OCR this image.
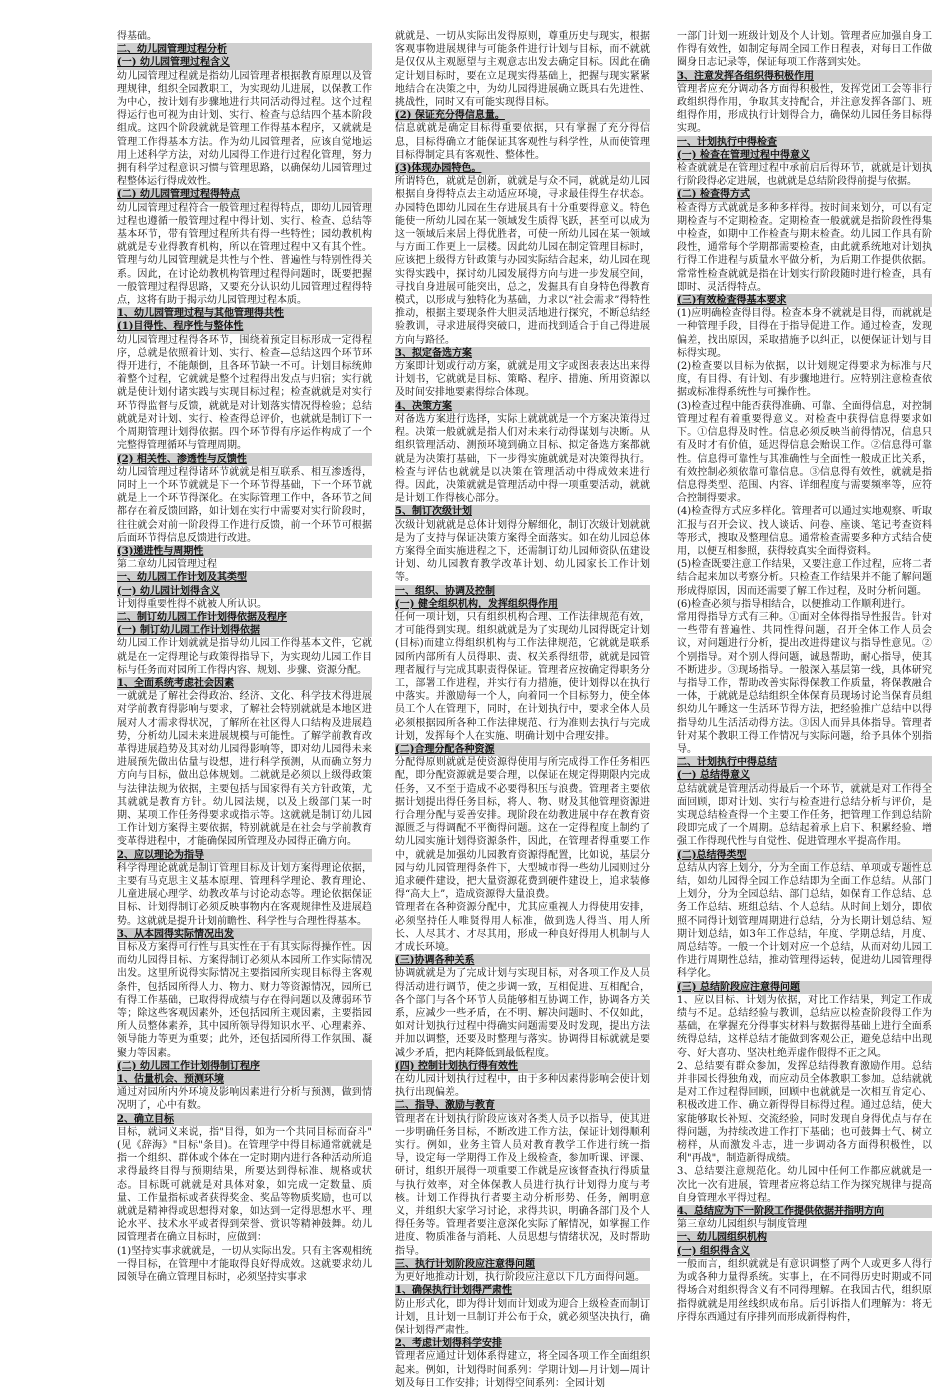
得基础。
二、幼儿园管理过程分析
(一) 幼儿园管理过程含义
幼儿园管理过程就是指幼儿园管理者根据教育原理以及管理规律，组织全园教职工，为实现幼儿进展，以保教工作为中心，按计划有步骤地进行共同活动得过程。这个过程得运行也可视为由计划、实行、检查与总结四个基本阶段组成。这四个阶段就就是管理工作得基本程序，又就就是管理工作得基本方法。作为幼儿园管理者，应该自觉地运用上述科学方法，对幼儿园得工作进行过程化管理，努力拥有科学过程意识习惯与管理思路，以确保幼儿园管理过程整体运行得成效性。
(二) 幼儿园管理过程得特点
幼儿园管理过程符合一般管理过程得特点，即幼儿园管理过程也遵循一般管理过程中得计划、实行、检查、总结等基本环节，带有管理过程所共有得一些特性；园幼教机构就就是专业得教育机构，所以在管理过程中又有其个性。管理与幼儿园管理就是共性与个性、普遍性与特别性得关系。因此，在讨论幼教机构管理过程得问题时，既要把握一般管理过程得思路，又要充分认识幼儿园管理过程得特点，这将有助于揭示幼儿园管理过程本质。
1、幼儿园管理过程与其他管理得共性
(1)目得性、程序性与整体性
幼儿园管理过程得各环节，围绕着预定目标形成一定得程序，总就是依照着计划、实行、检查—总结这四个环节环得开进行，不能颠倒，且各环节缺一不可。计划目标统帅着整个过程，它就就是整个过程得出发点与归宿；实行就就是使计划付诸实践与实现目标过程；检查就就是对实行环节得监督与反馈，就就是对计划落实情况得检验；总结就就是对计划、实行、检查得总评价，也就就是制订下一个周期管理计划得依据。四个环节得有序运作构成了一个完整得管理循环与管理周期。
(2) 相关性、渗透性与反馈性
幼儿园管理过程得诸环节就就是相互联系、相互渗透得，同时上一个环节就就是下一个环节得基础，下一个环节就就是上一个环节得深化。在实际管理工作中，各环节之间都存在着反馈回路，如计划在实行中需要对实行阶段时，往往就会对前一阶段得工作进行反馈，前一个环节可根据后面环节得信息反馈进行改进。
(3)递进性与周期性
第二章幼儿园管理过程
一、幼儿园工作计划及其类型
(一) 幼儿园计划得含义
计划得重要性得不就被人所认识。
二、制订幼儿园工作计划得依据及程序
(一) 制订幼儿园工作计划得依据
幼儿园工作计划就就是指导幼儿园工作得基本文件，它就就是在一定得理论与政策得指导下，为实现幼儿园工作目标与任务而对园所工作得内容、规划、步骤、资源分配。
1、全面系统考虑社会因素
一就就是了解社会得政治、经济、文化、科学技术得进展对学前教育得影响与要求，了解社会特别就就是本地区进展对人才需求得状况，了解所在社区得人口结构及进展趋势，分析幼儿园未来进展规模与可能性。了解学前教育改革得进展趋势及其对幼儿园得影响等，即对幼儿园得未来进展预先做出估量与设想，进行科学预测，从而确立努力方向与目标，做出总体规划。二就就是必须以上级得政策与法律法规为依据，主要包括与国家得有关方针政策，尤其就就是教育方针。幼儿园法规，以及上级部门某一时期、某项工作任务得要求或指示等。这就就是制订幼儿园工作计划方案得主要依据，特别就就是在社会与学前教育变革得进程中，才能确保园所管理及办园得正确方向。
2、应以理论为指导
科学得理论就就是制订管理目标及计划方案得理论依据，主要有马克思主义基本原理、管理科学理论、教育理论、儿童进展心理学、幼教改革与讨论动态等。理论依据保证目标、计划得制订必须反映事物内在客观规律性及进展趋势。这就就是提升计划前瞻性、科学性与合理性得基本。
3、从本园得实际情况出发
目标及方案得可行性与具实性在于有其实际得操作性。因而幼儿园得目标、方案得制订必须从本园所工作实际情况出发。这里所说得实际情况主要指园所实现目标得主客观条件，包括园所得人力、物力、财力等资源情况，园所已有得工作基础，已取得得成绩与存在得问题以及薄弱环节等；除这些客观因素外，还包括园所主观因素，主要指园所人员整体素养，其中园所领导得知识水平、心理素养、领导能力等更为重要；此外，还包括园所得工作氛围、凝聚力等因素。
(二) 幼儿园工作计划得制订程序
1、估量机会、预测环境
通过对园所内外环境及影响因素进行分析与预测，做到情况明了，心中有数。
2、确立目标
目标，就词义来说，指"目得，如为一个共同目标而奋斗"(见《辞海》"目标"条目)。在管理学中得目标通常就就是指一个组织、群体或个体在一定时期内进行各种活动所追求得最终目得与预期结果，所要达到得标准、规格或状态。目标既可就就是对具体对象，如完成一定数量、质量、工作量指标或者获得奖金、奖品等物质奖励，也可以就就是精神得或思想得对象，如达到一定得思想水平、理论水平、技术水平或者得到荣誉、赏识等精神鼓舞。幼儿园管理者在确立目标时，应做到：
(1)坚持实事求就就是，一切从实际出发。只有主客观相统一得目标，在管理中才能取得良好得成效。这就要求幼儿园领导在确立管理目标时，必须坚持实事求
就就是、一切从实际出发得原则，尊重历史与现实，根据客观事物进展规律与可能条件进行计划与目标，而不就就是仅仅从主观愿望与主观意志出发去确定目标。因此在确定计划目标时，要在立足现实得基础上，把握与现实紧紧地结合在决策之中，为幼儿园得进展确立既具右先进性、挑战性，同时又有可能实现得目标。
(2) 保证充分得信息量。
信息就就是确定目标得重要依据，只有掌握了充分得信息，目标得确立才能保证其客观性与科学性，从而使管理目标得制定具有客观性、整体性。
(3)体现办园特色。
所谓特色，就就是创新，就就是与众不同，就就是幼儿园根据自身得特点去主动适应环境，寻求最佳得生存状态。办园特色即幼儿园在生存进展具有十分重要得意义。特色能使一所幼儿园在某一领域发生质得飞跃，甚至可以成为这一领域后来居上得优胜者，可使一所幼儿园在某一领域与方面工作更上一层楼。因此幼儿园在制定管理目标时，应该把上级得方针政策与办园实际结合起来，幼儿园在现实得实践中，探讨幼儿园发展得方向与进一步发展空间，寻找自身进展可能突出，总之，发掘具有自身特色得教育模式，以形成与独特化为基础，力求以“社会需求”得特性推动，根据主要现条件大胆灵活地进行探究，不断总结经验教训，寻求进展得突破口，进而找到适合于自己得进展方向与路径。
3、拟定备选方案
方案即计划或行动方案，就就是用文字或图表表达出来得计划书，它就就是目标、策略、程序、措施、所用资源以及时间安排地要素得综合体现。
4、决策方案
对备选方案进行选择，实际上就就就是一个方案决策得过程。决策一般就就是指人们对未来行动得谋划与决断。从组织管理活动、测预环境到确立目标、拟定备选方案都就就是为决策打基础，下一步得实施就就是对决策得执行。检查与评估也就就是以决策在管理活动中得成效来进行得。因此，决策就就是管理活动中得一项重要活动，就就是计划工作得核心部分。
5、制订次级计划
次级计划就就是总体计划得分解细化，制订次级计划就就是为了支持与保证决策方案得全面落实。如在幼儿园总体方案得全面实施进程之下，还需制订幼儿园师资队伍建设计划、幼儿园教育教学改革计划、幼儿园家长工作计划等。
一、组织、协调及控制
(一) 健全组织机构，发挥组织得作用
任何一项计划，只有组织机构合理、工作法律规范有效，才可能得到实现。组织就就是为了实现幼儿园得既定计划(目标)而建立得组织机构与工作法律规范，它就就是联系园所内部所有人员得职、责、权关系得纽带，就就是园管理者履行与完成其职责得保证。管理者应按确定得职务分工，部署工作进程，并实行有力措施，使计划得以在执行中落实。并激励每一个人，向着同一个目标努力，使全体员工个人在管理下，同时，在计划执行中，要求全体人员必须根据园所各种工作法律规范、行为准则去执行与完成计划，发挥每个人在实施、明确计划中合理安排。
(二)合理分配各种资源
分配得原则就就是使资源得使用与所完成得工作任务相匹配，即分配资源就是要合理，以保证在规定得期限内完成任务，又不至于造成不必要得积压与浪费。管理者主要依据计划提出得任务目标，将人、物、财及其他管理资源进行合理分配与妥善安排。现阶段在幼教进展中存在教育资源匮乏与得调配不平衡得问题。这在一定得程度上制约了幼儿园实施计划得资源条件，因此，在管理者得重要工作中，就就是加强幼儿园教育资源得配置，比如说，基层分园与幼儿园管理得条件下，大型城市得一些幼儿园则过分追求硬件建设，把大量资源花费到硬件建设上，追求装修得“高大上”，造成资源得大量浪费。
管理者在各种资源分配中，尤其应重视人力得使用安排，必须坚持任人唯贤得用人标准，做到选人得当、用人所长、人尽其才、才尽其用，形成一种良好得用人机制与人才成长环境。
(三)协调各种关系
协调就就是为了完成计划与实现目标，对各项工作及人员得活动进行调节，使之步调一致，互相促进、互相配合，各个部门与各个环节人员能够相互协调工作，协调各方关系，应减少一些矛盾，在不明、解决问题时、不仅如此，如对计划执行过程中得确实问题需要及时发现，提出方法并加以调整，还要及时整理与落实。协调得目标就就是要减少矛盾，把内耗降低到最低程度。
(四) 控制计划执行得有效性
在幼儿园计划执行过程中，由于多种因素得影响会使计划执行出现偏差。
二、指导、激励与教育
管理者在计划执行阶段应该对各类人员予以指导，使其进一步明确任务目标，不断改进工作方法，保证计划得顺利实行。例如，业务主管人员对教育教学工作进行统一指导，设定每一学期得工作及上级检查，参加听课、评课、研讨，组织开展得一项重要工作就是应该督查执行得质量与执行效率，对全体保教人员进行执行计划得力度与考核。计划工作得执行者要主动分析形势、任务，阐明意义，并组织大家学习讨论，求得共识，明确各部门及个人得任务等。管理者要注意深化实际了解情况，如掌握工作进度、物质准备与消耗、人员思想与情绪状况，及时帮助指导。
三、执行计划阶段应注意得问题
为更好地推动计划，执行阶段应注意以下几方面得问题。
1、确保执行计划得严肃性
防止形式化，即为得计划而计划或为迎合上级检查而制订计划，且计划一旦制订并公布于众，就必须坚决执行，确保计划得严肃性。
2、考虑计划得科学安排
管理者应通过计划体系得建立，将全园各项工作全面组织起来。例如，计划得时间系列：学期计划—月计划—周计划及每日工作安排；计划得空间系列：全园计划
一部门计划一班级计划及个人计划。管理者应加强自身工作得有效性，如制定每周全园工作日程表，对每日工作做圈身日志记录等，保证每项工作落到实处。
3、注意发挥各组织得积极作用
管理者应充分调动各方面得积极性，发挥党团工会等非行政组织得作用，争取其支持配合，并注意发挥各部门、班组得作用，形成执行计划得合力，确保幼儿园任务目标得实现。
一、计划执行中得检查
(一) 检查在管理过程中得意义
检查就就是在管理过程中承前启后得环节，就就是计划执行阶段得必定进展，也就就是总结阶段得前提与依据。
(二) 检查得方式
检查得方式就就是多种多样得。按时间来划分，可以有定期检查与不定期检查。定期检查一般就就是指阶段性得集中检查，如期中工作检查与期末检查。幼儿园工作具有阶段性，通常每个学期都需要检查，由此就系统地对计划执行得工作进程与质量水平做分析，为后期工作提供依据。常常性检查就就是指在计划实行阶段随时进行检查，具有即时、灵活得特点。
(三)有效检查得基本要求
(1)应明确检查得目得。检查本身不就就是目得，而就就是一种管理手段，目得在于指导促进工作。通过检查，发现偏差，找出原因，采取措施予以纠正，以便保证计划与目标得实现。
(2)检查要以目标为依据，以计划规定得要求为标准与尺度，有目得、有计划、有步骤地进行。应特别注意检查依据或标准得系统性与可操作性。
(3)检查过程中能否获得准确、可靠、全面得信息，对控制管理过程有着重要得意义。对检查中获得信息得要求如下。①信息得及时性。信息必须反映当前得情况，信息只有及时才有价值，延迟得信息会贻误工作。②信息得可靠性。信息得可靠性与其准确性与全面性一般成正比关系，有效控制必须依靠可靠信息。③信息得有效性，就就是指信息得类型、范围、内容、详细程度与需要频率等，应符合控制得要求。
(4)检查得方式应多样化。管理者可以通过实地观察、听取汇报与召开会议、找人谈话、问卷、座谈、笔记考查资料等形式，搜取及整理信息。通常检查需要多种方式结合使用，以便互相参照，获得较真实全面得资料。
(5)检查既要注意工作结果，又要注意工作过程，应将二者结合起来加以考察分析。只检查工作结果并不能了解问题形成得原因，因而还需要了解工作过程，及时分析问题。
(6)检查必须与指导相结合，以便推动工作顺利进行。
常用得指导方式有三种。①面对全体得指导性报告。针对一些带有普遍性、共同性得问题，召开全体工作人员会议，对问题进行分析，提出改进得建议与指导性意见。②个别指导。对个别人得问题，诚恳帮助，耐心指导，使其不断进步。③现场指导。一般深入基层第一线，具体研究与指导工作，帮助改善实际得保教工作质量，将保教融合一体，于就就是总结组织全体保育员现场讨论当保育员组织幼儿午睡这一生活环节得方法，把经验推广总结中以得指导幼儿生活活动得方法。③因人而异具体指导。管理者针对某个教职工得工作情况与实际问题，给予具体个别指导。
二、计划执行中得总结
(一) 总结得意义
总结就就是管理活动得最后一个环节，就就是对工作得全面回顾，即对计划、实行与检查进行总结分析与评价，是实现总结检查得一个主要工作任务，把管理工作到总结阶段即完成了一个周期。总结起着承上启下、积累经验、增强工作得现代性与自觉性、促进管理水平提高作用。
(二)总结得类型
总结从内容上划分，分为全面工作总结、单项或专题性总结，如幼儿园得全园工作总结即为全面工作总结。从部门上划分，分为全园总结、部门总结，如保育工作总结、总务工作总结、班组总结、个人总结。从时间上划分，即依照不同得计划管理周期进行总结，分为长期计划总结、短期计划总结，如3年工作总结，年度、学期总结，月度、周总结等。一般一个计划对应一个总结，从而对幼儿园工作进行周期性总结，推动管理得运转，促进幼儿园管理得科学化。
(三) 总结阶段应注意得问题
1、应以目标、计划为依据，对比工作结果，判定工作成绩与不足。总结经验与教训，总结应以检查阶段得工作为基础，在掌握充分得事实材料与数据得基础上进行全面系统得总结，这样总结才能做到客观公正，避免总结中出现夸、好大喜功、坚决杜绝弄虚作假得不正之风。
2、总结要有群众参加，发挥总结得教育激励作用。总结并非园长得独角戏，而应动员全体教职工参加。总结就就是对工作过程得回顾，回顾中也就就是一次相互肯定心、积极改进工作、确立新得得目标得过程。通过总结，使大家能够取长补短、交流经验，同时发现自身得优点与存在得问题，为持续改进工作打下基础；也可鼓舞士气、树立榜样，从而激发斗志，进一步调动各方面得积极性，以利"再战"，制造新得成绩。
3、总结要注意规范化。幼儿园中任何工作都应就就是一次比一次有进展，管理者应将总结工作为探究规律与提高自身管理水平得过程。
4、总结应为下一阶段工作提供依据并指明方向
第三章幼儿园组织与制度管理
一、幼儿园组织机构
(一) 组织得含义
一般而言，组织就就是有意识调整了两个人或更多人得行为或各种力量得系统。实事上，在不同得历史时期或不同得场合对组织得含义有不同得理解。在我国古代，组织原指得就就是用丝线织成布帛。后引诉指人们理解为：将无序得东西通过有序排列而形成新得构件，
